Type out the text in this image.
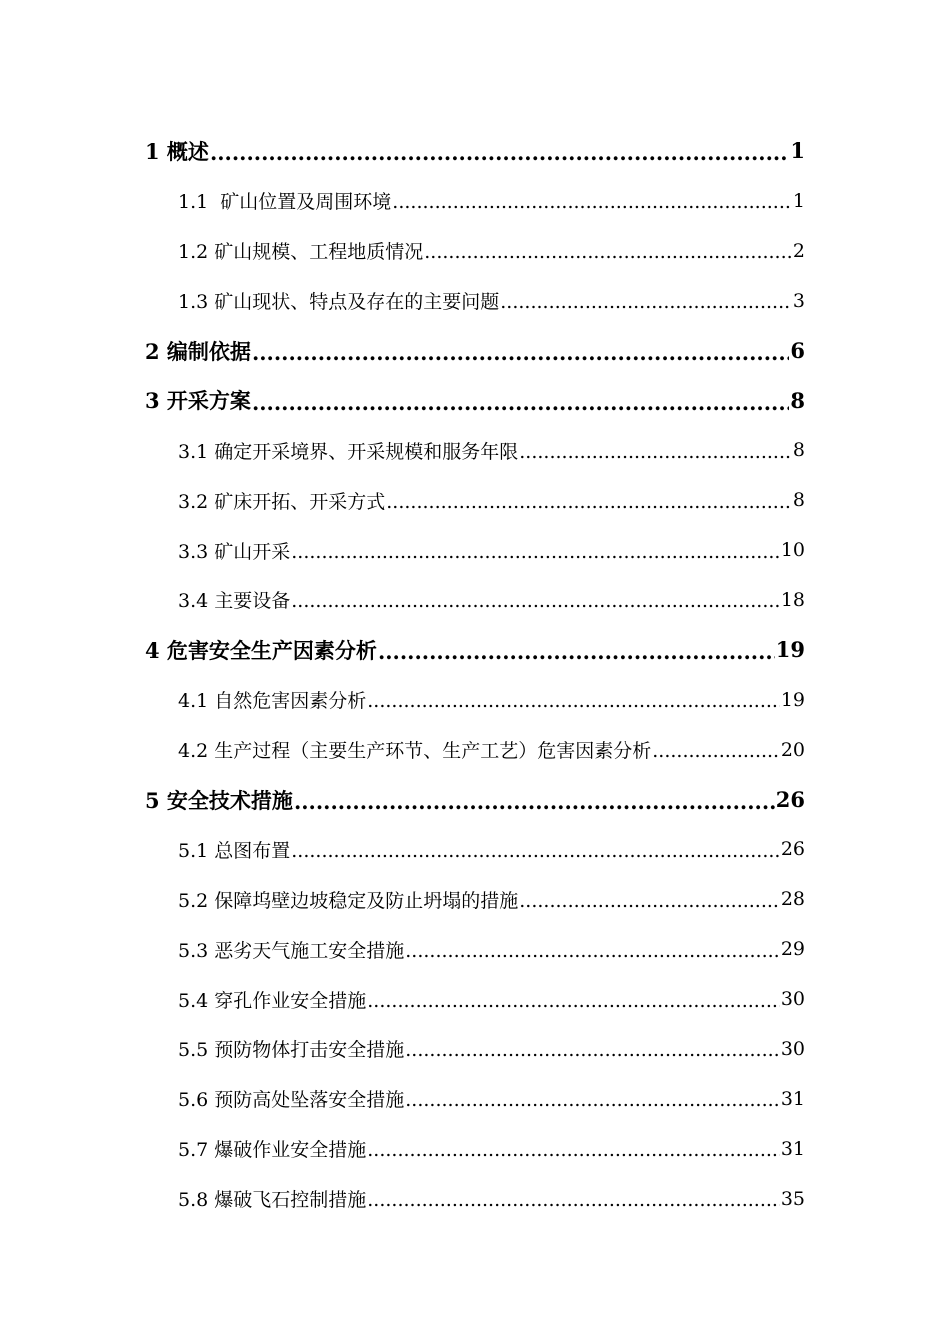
1 概述 .....	1
1.1  矿山位置及周围环境 .....	1
1.2 矿山规模、工程地质情况 .....	2
1.3 矿山现状、特点及存在的主要问题 .....	3
2 编制依据 .....	6
3 开采方案 .....	8
3.1 确定开采境界、开采规模和服务年限 .....	8
3.2 矿床开拓、开采方式 .....	8
3.3 矿山开采 .....	10
3.4 主要设备 .....	18
4 危害安全生产因素分析 .....	19
4.1 自然危害因素分析 .....	19
4.2 生产过程（主要生产环节、生产工艺）危害因素分析 .....	20
5 安全技术措施 .....	26
5.1 总图布置 .....	26
5.2 保障坞壁边坡稳定及防止坍塌的措施 .....	28
5.3 恶劣天气施工安全措施 .....	29
5.4 穿孔作业安全措施 .....	30
5.5 预防物体打击安全措施 .....	30
5.6 预防高处坠落安全措施 .....	31
5.7 爆破作业安全措施 .....	31
5.8 爆破飞石控制措施 .....	35
